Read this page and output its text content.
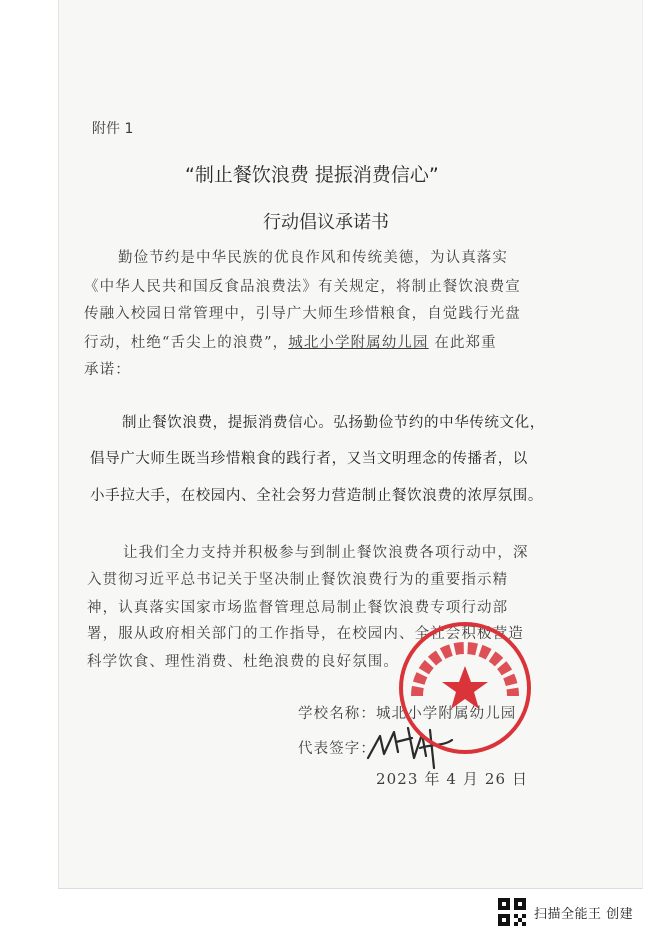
附件 1
“制止餐饮浪费 提振消费信心”
行动倡议承诺书
勤俭节约是中华民族的优良作风和传统美德，为认真落实
《中华人民共和国反食品浪费法》有关规定，将制止餐饮浪费宣
传融入校园日常管理中，引导广大师生珍惜粮食，自觉践行光盘
行动，杜绝“舌尖上的浪费”，城北小学附属幼儿园 在此郑重
承诺：
制止餐饮浪费，提振消费信心。弘扬勤俭节约的中华传统文化，
倡导广大师生既当珍惜粮食的践行者，又当文明理念的传播者，以
小手拉大手，在校园内、全社会努力营造制止餐饮浪费的浓厚氛围。
让我们全力支持并积极参与到制止餐饮浪费各项行动中，深
入贯彻习近平总书记关于坚决制止餐饮浪费行为的重要指示精
神，认真落实国家市场监督管理总局制止餐饮浪费专项行动部
署，服从政府相关部门的工作指导，在校园内、全社会积极营造
科学饮食、理性消费、杜绝浪费的良好氛围。
学校名称：城北小学附属幼儿园
代表签字：
2023 年 4 月 26 日
扫描全能王 创建
